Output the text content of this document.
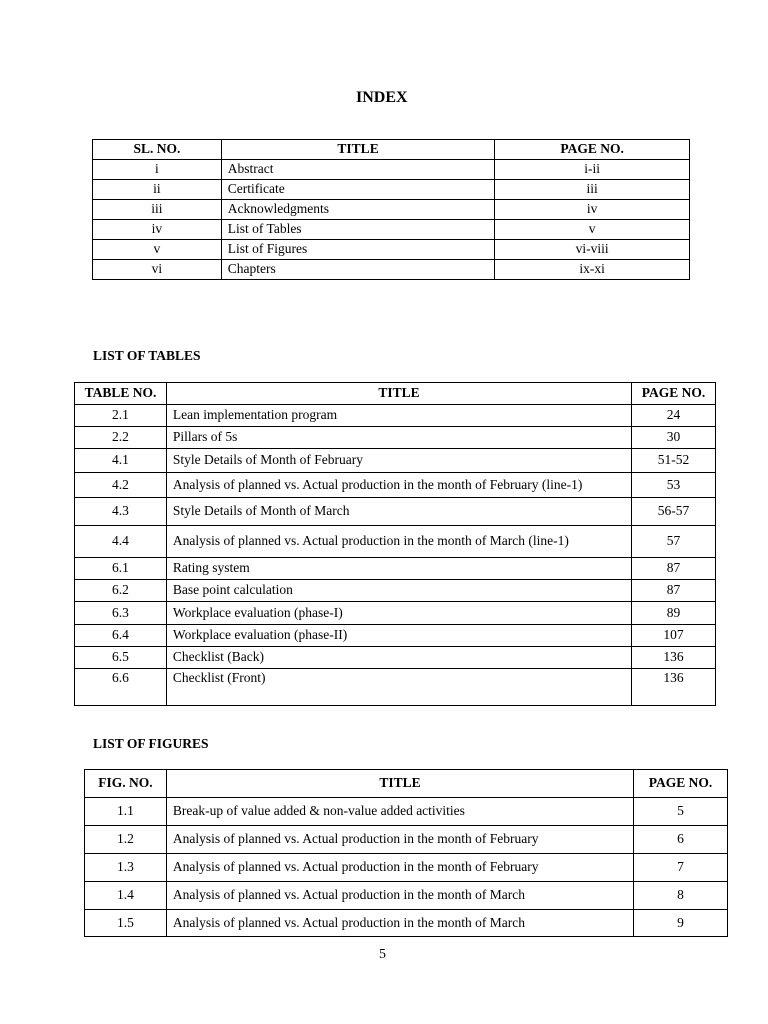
INDEX
SL. NO.	TITLE	PAGE NO.
i	Abstract	i-ii
ii	Certificate	iii
iii	Acknowledgments	iv
iv	List of Tables	v
v	List of Figures	vi-viii
vi	Chapters	ix-xi
LIST OF TABLES
TABLE NO.	TITLE	PAGE NO.
2.1	Lean implementation program	24
2.2	Pillars of 5s	30
4.1	Style Details of Month of February	51-52
4.2	Analysis of planned vs. Actual production in the month of February (line-1)	53
4.3	Style Details of Month of March	56-57
4.4	Analysis of planned vs. Actual production in the month of March (line-1)	57
6.1	Rating system	87
6.2	Base point calculation	87
6.3	Workplace evaluation (phase-I)	89
6.4	Workplace evaluation (phase-II)	107
6.5	Checklist (Back)	136
6.6	Checklist (Front)	136
LIST OF FIGURES
FIG. NO.	TITLE	PAGE NO.
1.1	Break-up of value added & non-value added activities	5
1.2	Analysis of planned vs. Actual production in the month of February	6
1.3	Analysis of planned vs. Actual production in the month of February	7
1.4	Analysis of planned vs. Actual production in the month of March	8
1.5	Analysis of planned vs. Actual production in the month of March	9
5
